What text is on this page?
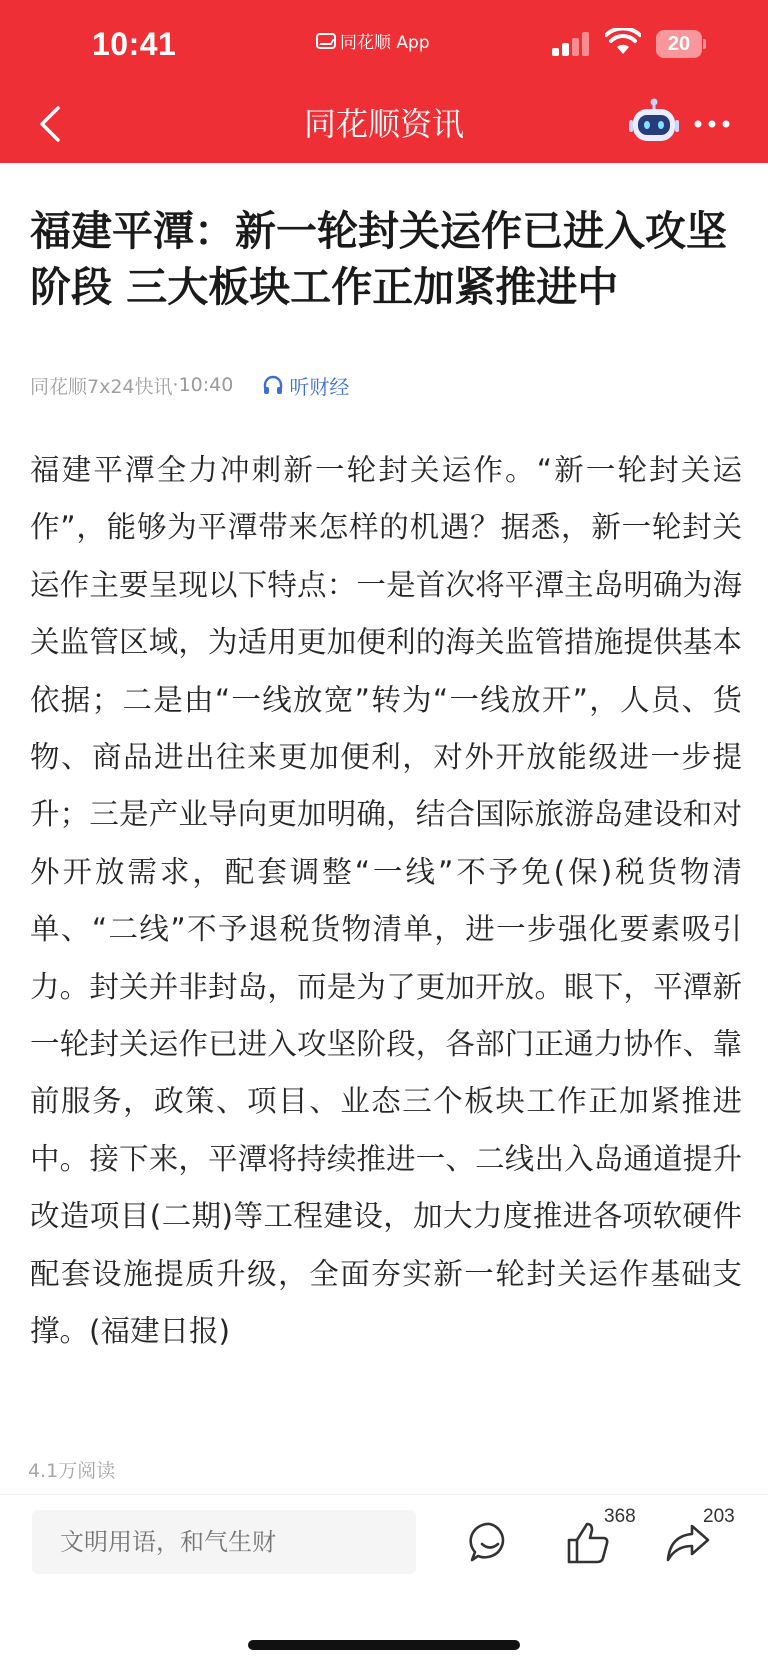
10:41	同花顺 App	20
同花顺资讯
福建平潭：新一轮封关运作已进入攻坚阶段 三大板块工作正加紧推进中
同花顺7x24快讯 · 10:40	听财经
福建平潭全力冲刺新一轮封关运作。“新一轮封关运作”，能够为平潭带来怎样的机遇？据悉，新一轮封关运作主要呈现以下特点：一是首次将平潭主岛明确为海关监管区域，为适用更加便利的海关监管措施提供基本依据；二是由“一线放宽”转为“一线放开”，人员、货物、商品进出往来更加便利，对外开放能级进一步提升；三是产业导向更加明确，结合国际旅游岛建设和对外开放需求，配套调整“一线”不予免(保)税货物清单、“二线”不予退税货物清单，进一步强化要素吸引力。封关并非封岛，而是为了更加开放。眼下，平潭新一轮封关运作已进入攻坚阶段，各部门正通力协作、靠前服务，政策、项目、业态三个板块工作正加紧推进中。接下来，平潭将持续推进一、二线出入岛通道提升改造项目(二期)等工程建设，加大力度推进各项软硬件配套设施提质升级，全面夯实新一轮封关运作基础支撑。(福建日报)
4.1万阅读
文明用语，和气生财
368	203
